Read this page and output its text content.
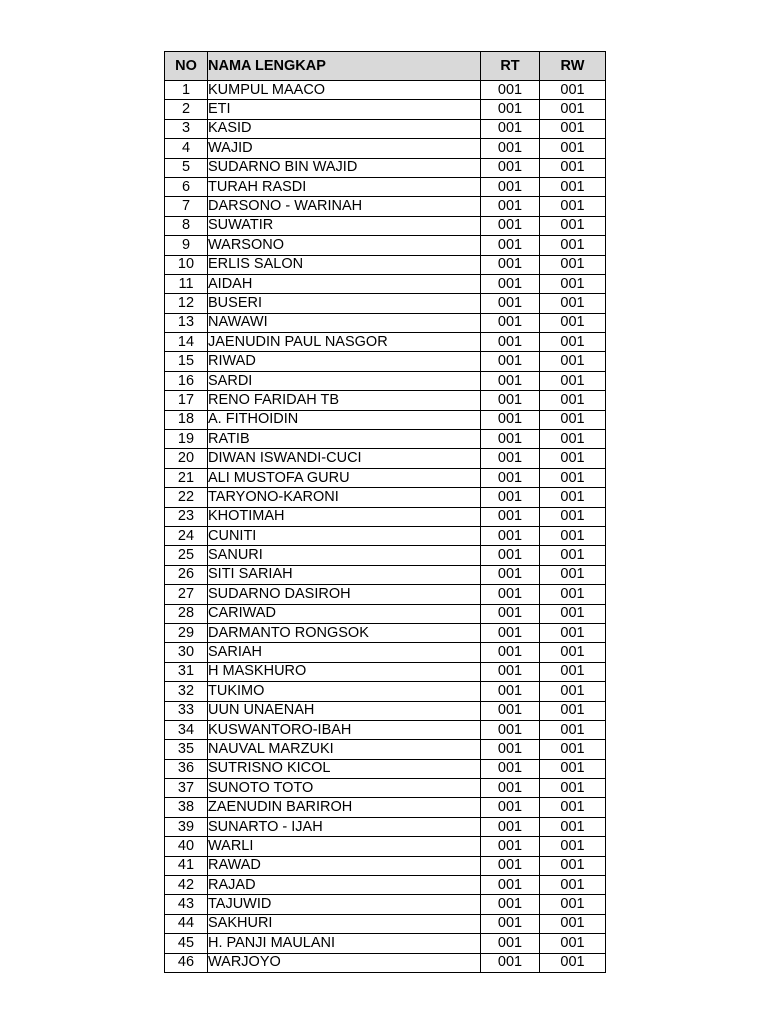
NO	NAMA LENGKAP	RT	RW
1	KUMPUL MAACO	001	001
2	ETI	001	001
3	KASID	001	001
4	WAJID	001	001
5	SUDARNO BIN WAJID	001	001
6	TURAH RASDI	001	001
7	DARSONO - WARINAH	001	001
8	SUWATIR	001	001
9	WARSONO	001	001
10	ERLIS SALON	001	001
11	AIDAH	001	001
12	BUSERI	001	001
13	NAWAWI	001	001
14	JAENUDIN PAUL NASGOR	001	001
15	RIWAD	001	001
16	SARDI	001	001
17	RENO FARIDAH TB	001	001
18	A. FITHOIDIN	001	001
19	RATIB	001	001
20	DIWAN ISWANDI-CUCI	001	001
21	ALI MUSTOFA GURU	001	001
22	TARYONO-KARONI	001	001
23	KHOTIMAH	001	001
24	CUNITI	001	001
25	SANURI	001	001
26	SITI SARIAH	001	001
27	SUDARNO DASIROH	001	001
28	CARIWAD	001	001
29	DARMANTO RONGSOK	001	001
30	SARIAH	001	001
31	H MASKHURO	001	001
32	TUKIMO	001	001
33	UUN UNAENAH	001	001
34	KUSWANTORO-IBAH	001	001
35	NAUVAL MARZUKI	001	001
36	SUTRISNO KICOL	001	001
37	SUNOTO TOTO	001	001
38	ZAENUDIN BARIROH	001	001
39	SUNARTO - IJAH	001	001
40	WARLI	001	001
41	RAWAD	001	001
42	RAJAD	001	001
43	TAJUWID	001	001
44	SAKHURI	001	001
45	H. PANJI MAULANI	001	001
46	WARJOYO	001	001
